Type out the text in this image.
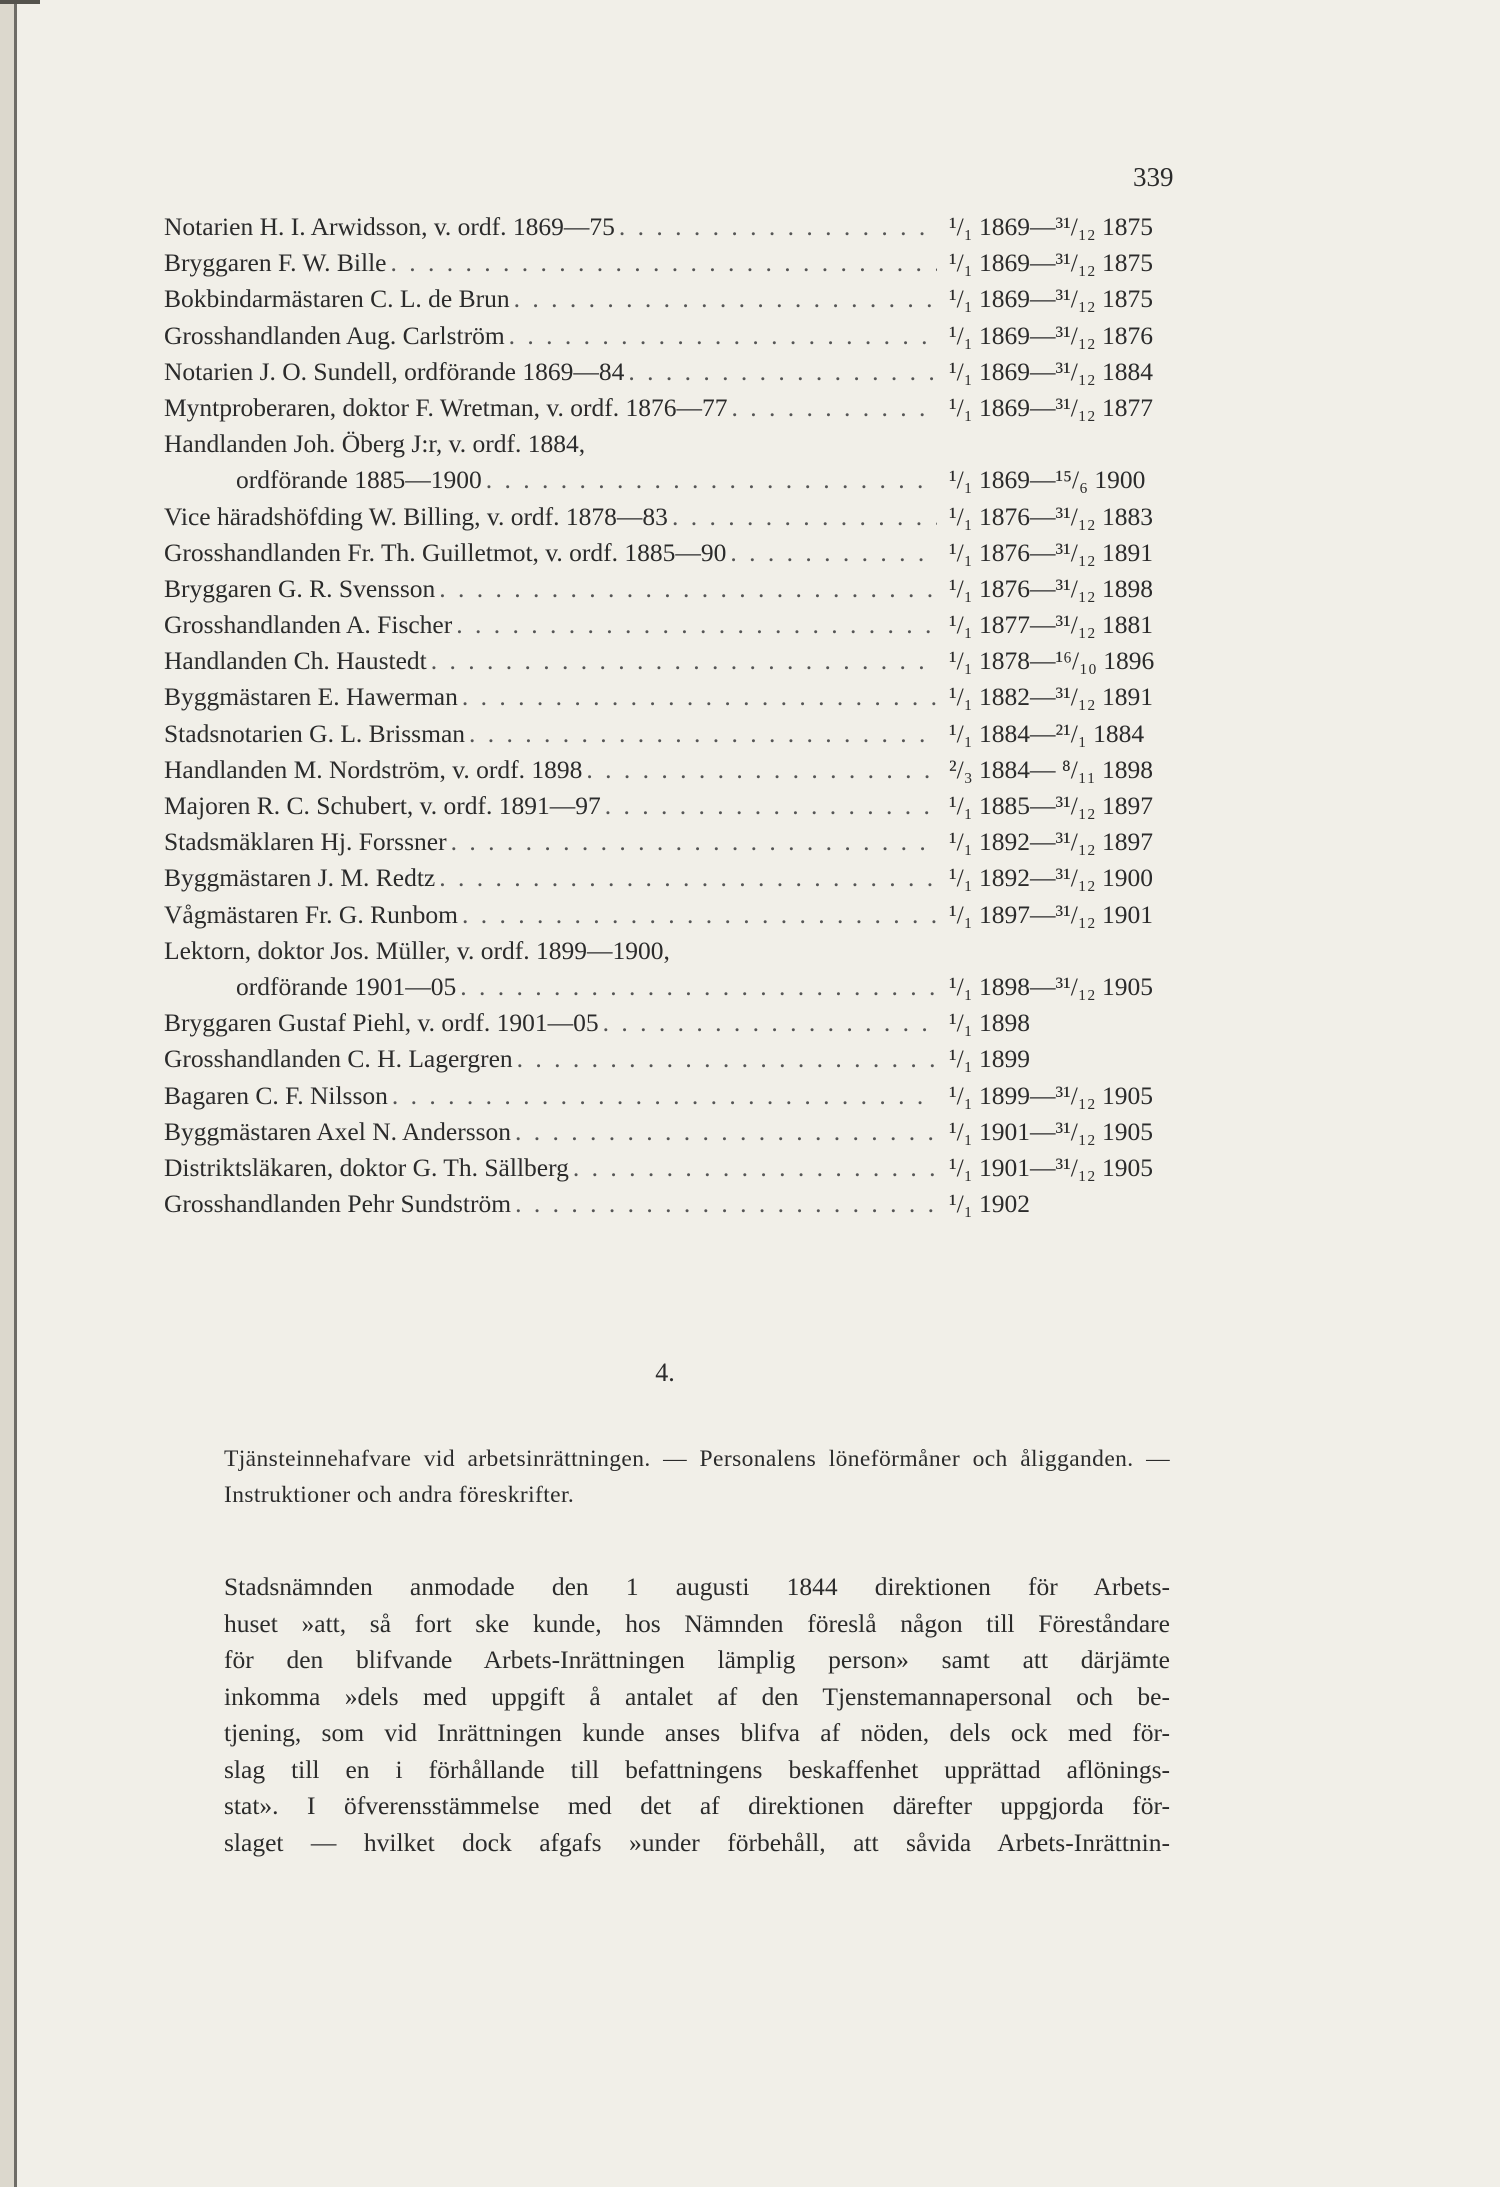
339
Notarien H. I. Arwidsson, v. ordf. 1869—75 . . .	¹/₁ 1869—³¹/₁₂ 1875
Bryggaren F. W. Bille . . .	¹/₁ 1869—³¹/₁₂ 1875
Bokbindarmästaren C. L. de Brun . . .	¹/₁ 1869—³¹/₁₂ 1875
Grosshandlanden Aug. Carlström . . .	¹/₁ 1869—³¹/₁₂ 1876
Notarien J. O. Sundell, ordförande 1869—84 . . .	¹/₁ 1869—³¹/₁₂ 1884
Myntproberaren, doktor F. Wretman, v. ordf. 1876—77 . . .	¹/₁ 1869—³¹/₁₂ 1877
Handlanden Joh. Öberg J:r, v. ordf. 1884,
ordförande 1885—1900 . . .	¹/₁ 1869—¹⁵/₆ 1900
Vice häradshöfding W. Billing, v. ordf. 1878—83 . . .	¹/₁ 1876—³¹/₁₂ 1883
Grosshandlanden Fr. Th. Guilletmot, v. ordf. 1885—90 . . .	¹/₁ 1876—³¹/₁₂ 1891
Bryggaren G. R. Svensson . . .	¹/₁ 1876—³¹/₁₂ 1898
Grosshandlanden A. Fischer . . .	¹/₁ 1877—³¹/₁₂ 1881
Handlanden Ch. Haustedt . . .	¹/₁ 1878—¹⁶/₁₀ 1896
Byggmästaren E. Hawerman . . .	¹/₁ 1882—³¹/₁₂ 1891
Stadsnotarien G. L. Brissman . . .	¹/₁ 1884—²¹/₁ 1884
Handlanden M. Nordström, v. ordf. 1898 . . .	²/₃ 1884— ⁸/₁₁ 1898
Majoren R. C. Schubert, v. ordf. 1891—97 . . .	¹/₁ 1885—³¹/₁₂ 1897
Stadsmäklaren Hj. Forssner . . .	¹/₁ 1892—³¹/₁₂ 1897
Byggmästaren J. M. Redtz . . .	¹/₁ 1892—³¹/₁₂ 1900
Vågmästaren Fr. G. Runbom . . .	¹/₁ 1897—³¹/₁₂ 1901
Lektorn, doktor Jos. Müller, v. ordf. 1899—1900,
ordförande 1901—05 . . .	¹/₁ 1898—³¹/₁₂ 1905
Bryggaren Gustaf Piehl, v. ordf. 1901—05 . . .	¹/₁ 1898
Grosshandlanden C. H. Lagergren . . .	¹/₁ 1899
Bagaren C. F. Nilsson . . .	¹/₁ 1899—³¹/₁₂ 1905
Byggmästaren Axel N. Andersson . . .	¹/₁ 1901—³¹/₁₂ 1905
Distriktsläkaren, doktor G. Th. Sällberg . . .	¹/₁ 1901—³¹/₁₂ 1905
Grosshandlanden Pehr Sundström . . .	¹/₁ 1902
4.
Tjänsteinnehafvare vid arbetsinrättningen. — Personalens löneförmåner och åligganden. — Instruktioner och andra föreskrifter.
Stadsnämnden anmodade den 1 augusti 1844 direktionen för Arbets-
huset »att, så fort ske kunde, hos Nämnden föreslå någon till Föreståndare
för den blifvande Arbets-Inrättningen lämplig person» samt att därjämte
inkomma »dels med uppgift å antalet af den Tjenstemannapersonal och be-
tjening, som vid Inrättningen kunde anses blifva af nöden, dels ock med för-
slag till en i förhållande till befattningens beskaffenhet upprättad aflönings-
stat». I öfverensstämmelse med det af direktionen därefter uppgjorda för-
slaget — hvilket dock afgafs »under förbehåll, att såvida Arbets-Inrättnin-
